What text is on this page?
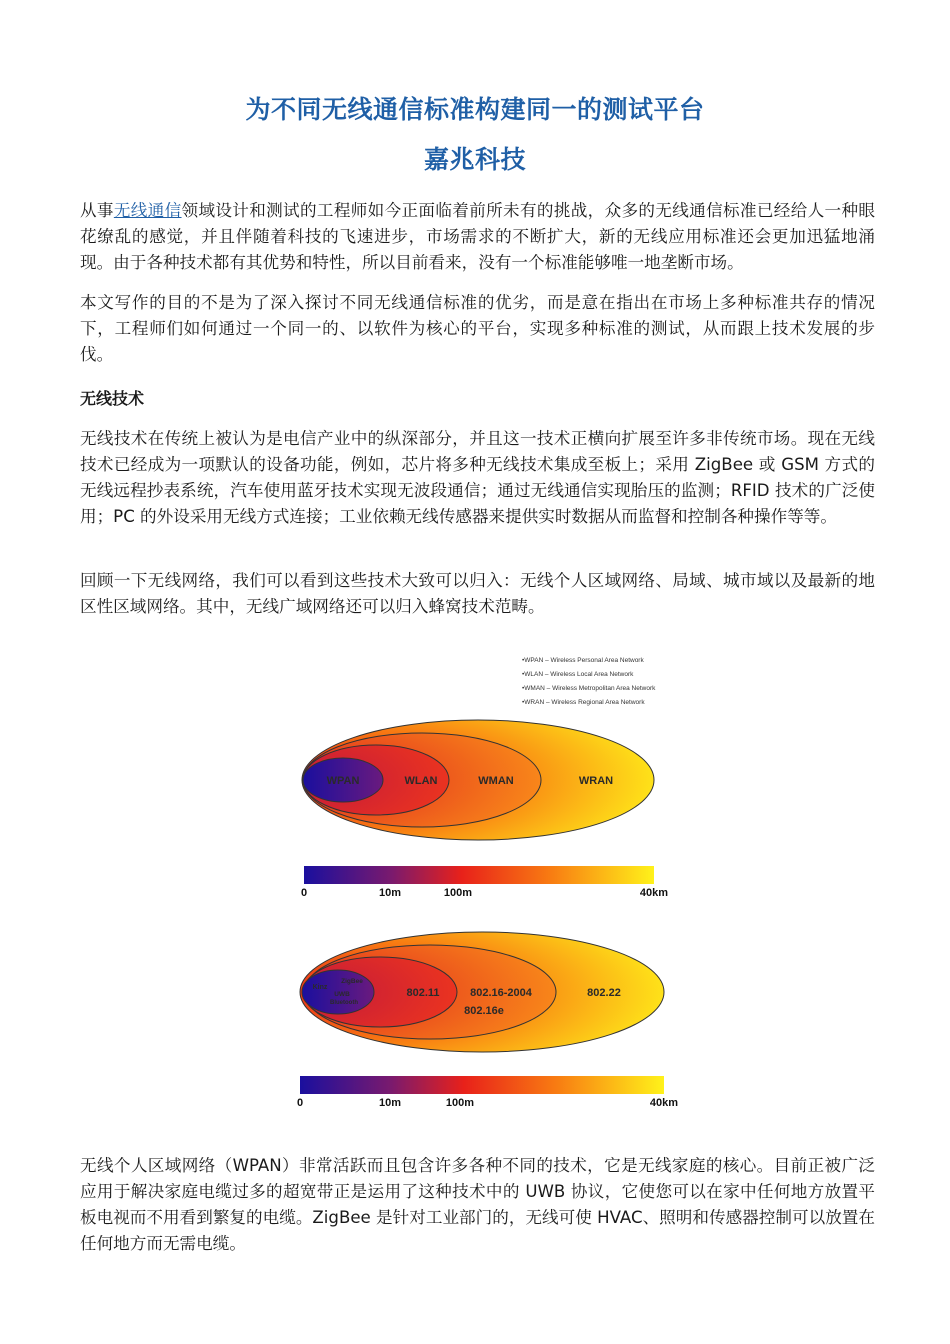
为不同无线通信标准构建同一的测试平台
嘉兆科技

从事无线通信领域设计和测试的工程师如今正面临着前所未有的挑战，众多的无线通信标准已经给人一种眼花缭乱的感觉，并且伴随着科技的飞速进步，市场需求的不断扩大，新的无线应用标准还会更加迅猛地涌现。由于各种技术都有其优势和特性，所以目前看来，没有一个标准能够唯一地垄断市场。

本文写作的目的不是为了深入探讨不同无线通信标准的优劣，而是意在指出在市场上多种标准共存的情况下，工程师们如何通过一个同一的、以软件为核心的平台，实现多种标准的测试，从而跟上技术发展的步伐。

无线技术

无线技术在传统上被认为是电信产业中的纵深部分，并且这一技术正横向扩展至许多非传统市场。现在无线技术已经成为一项默认的设备功能，例如，芯片将多种无线技术集成至板上；采用 ZigBee 或 GSM 方式的无线远程抄表系统，汽车使用蓝牙技术实现无波段通信；通过无线通信实现胎压的监测；RFID 技术的广泛使用；PC 的外设采用无线方式连接；工业依赖无线传感器来提供实时数据从而监督和控制各种操作等等。

回顾一下无线网络，我们可以看到这些技术大致可以归入：无线个人区域网络、局域、城市域以及最新的地区性区域网络。其中，无线广域网络还可以归入蜂窝技术范畴。

•WPAN – Wireless Personal Area Network
•WLAN – Wireless Local Area Network
•WMAN – Wireless Metropolitan Area Network
•WRAN – Wireless Regional Area Network
WPAN	WLAN	WMAN	WRAN
0	10m	100m	40km
ZigBee
Kinz
UWB
Bluetooth
802.11	802.16-2004
802.16e
802.22
0	10m	100m	40km

无线个人区域网络（WPAN）非常活跃而且包含许多各种不同的技术，它是无线家庭的核心。目前正被广泛应用于解决家庭电缆过多的超宽带正是运用了这种技术中的 UWB 协议，它使您可以在家中任何地方放置平板电视而不用看到繁复的电缆。ZigBee 是针对工业部门的，无线可使 HVAC、照明和传感器控制可以放置在任何地方而无需电缆。
